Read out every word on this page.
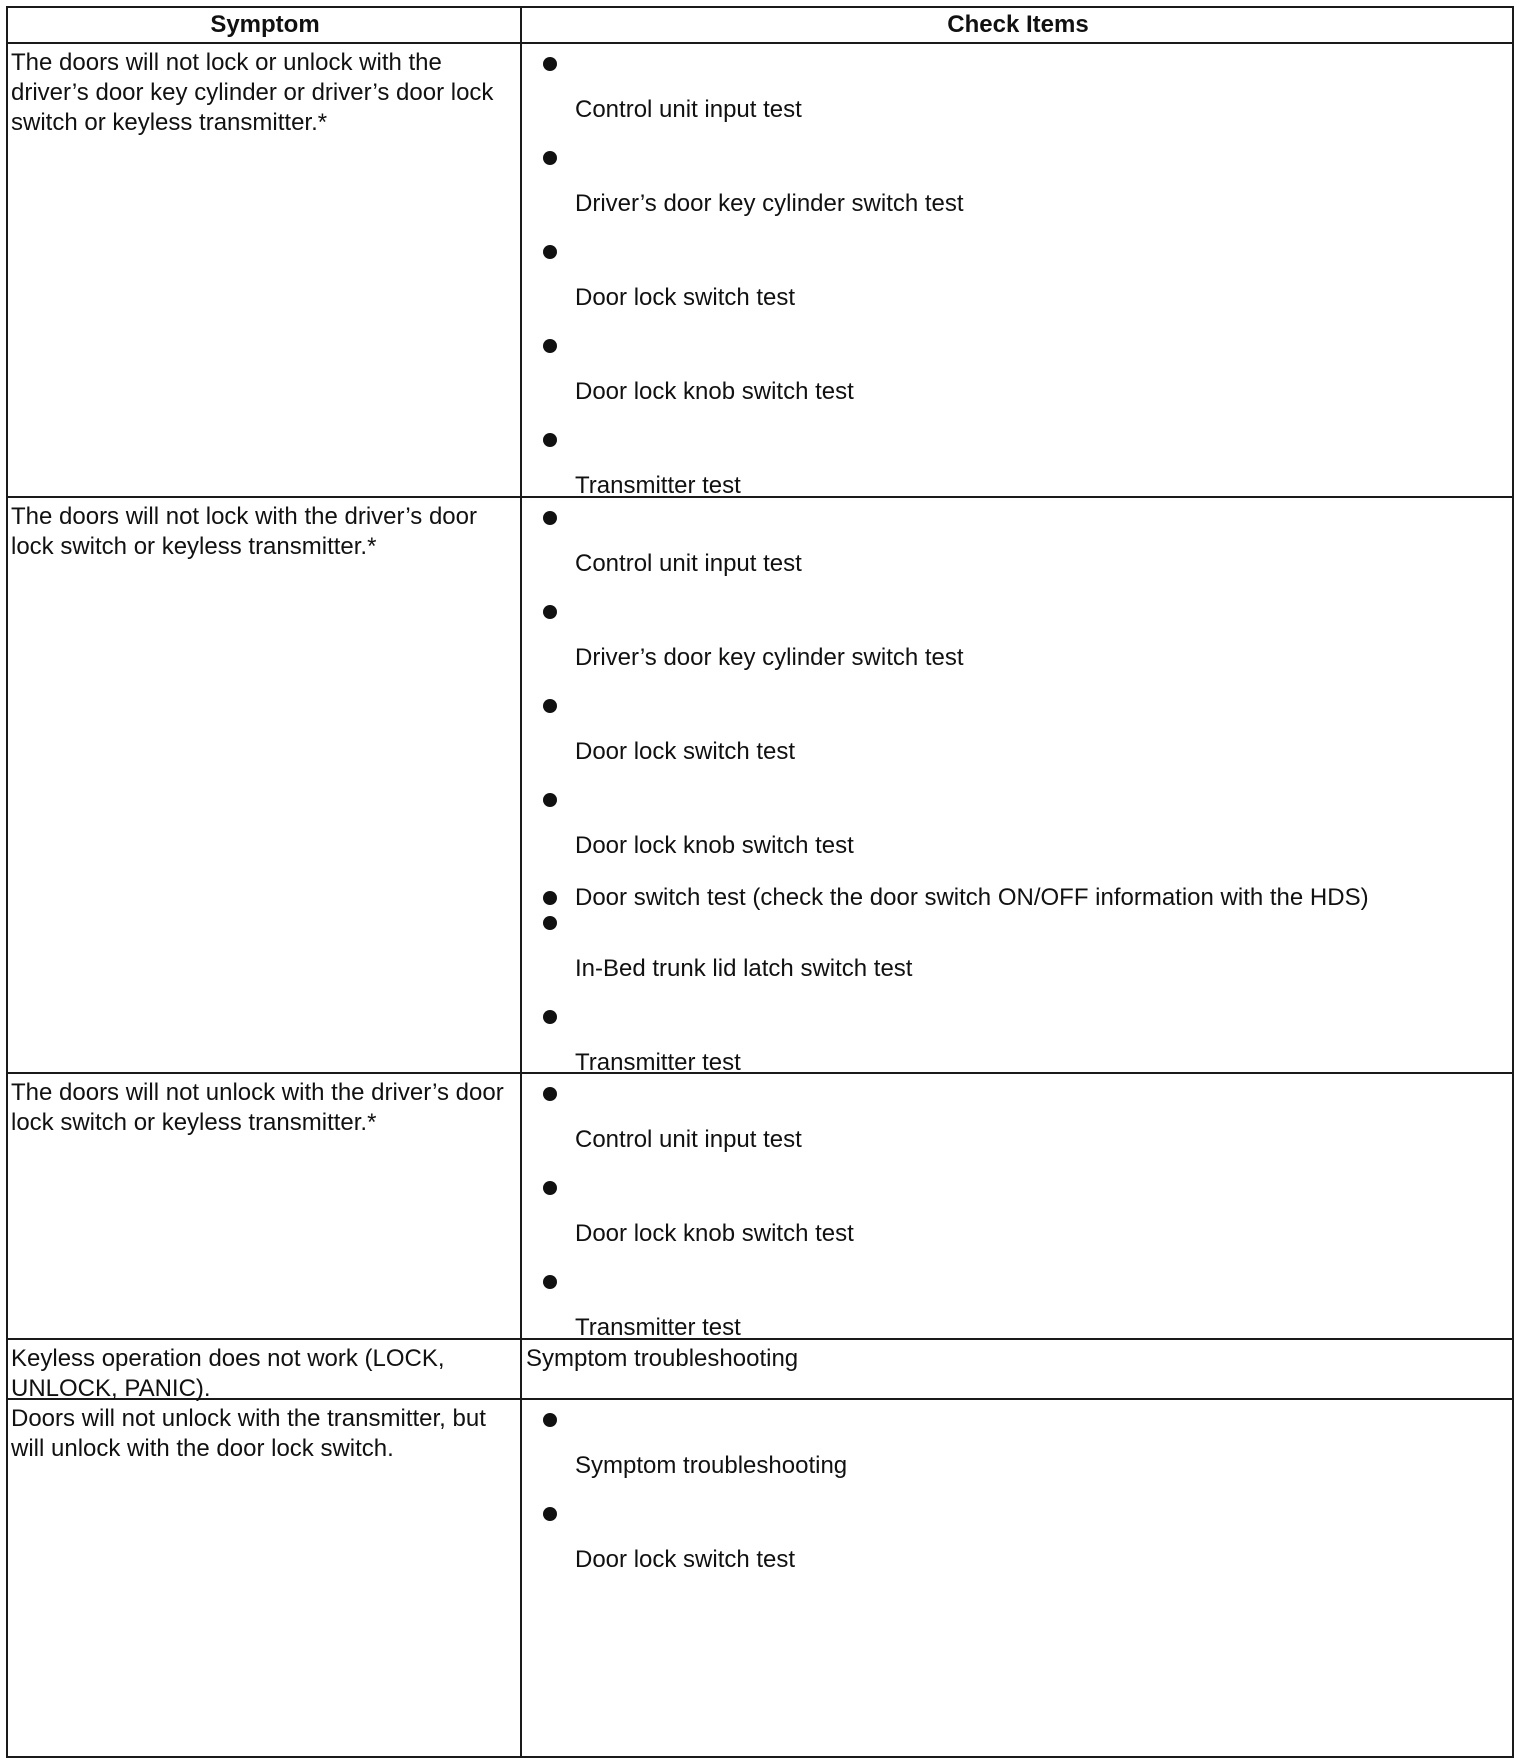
Symptom	Check Items
The doors will not lock or unlock with the driver’s door key cylinder or driver’s door lock switch or keyless transmitter.*	Control unit input test
Driver’s door key cylinder switch test
Door lock switch test
Door lock knob switch test
Transmitter test
The doors will not lock with the driver’s door lock switch or keyless transmitter.*
Control unit input test
Driver’s door key cylinder switch test
Door lock switch test
Door lock knob switch test
Door switch test (check the door switch ON/OFF information with the HDS)
In-Bed trunk lid latch switch test
Transmitter test
The doors will not unlock with the driver’s door lock switch or keyless transmitter.*
Control unit input test
Door lock knob switch test
Transmitter test
Keyless operation does not work (LOCK, UNLOCK, PANIC).
Symptom troubleshooting
Doors will not unlock with the transmitter, but will unlock with the door lock switch.
Symptom troubleshooting
Door lock switch test
